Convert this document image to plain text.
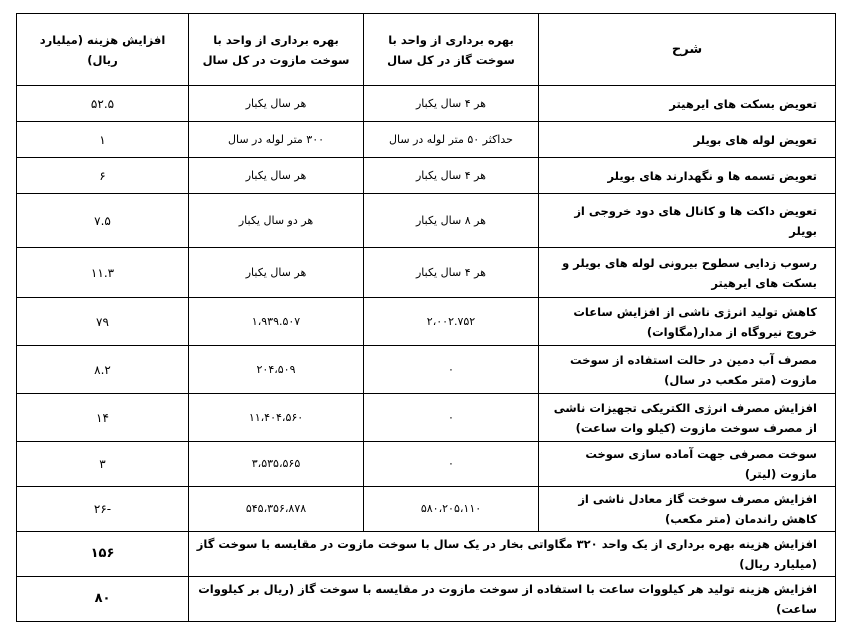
شرح	بهره برداری از واحد با سوخت گاز در کل سال	بهره برداری از واحد با سوخت مازوت در کل سال	افزایش هزینه (میلیارد ریال)
تعویض بسکت های ایرهیتر	هر ۴ سال یکبار	هر سال یکبار	۵۲.۵
تعویض لوله های بویلر	حداکثر ۵۰ متر لوله در سال	۳۰۰ متر لوله در سال	۱
تعویض تسمه ها و نگهدارند های بویلر	هر ۴ سال یکبار	هر سال یکبار	۶
تعویض داکت ها و کانال های دود خروجی از بویلر	هر ۸ سال یکبار	هر دو سال یکبار	۷.۵
رسوب زدایی سطوح بیرونی لوله های بویلر و بسکت های ایرهیتر	هر ۴ سال یکبار	هر سال یکبار	۱۱.۳
کاهش تولید انرژی ناشی از افزایش ساعات خروج نیروگاه از مدار(مگاوات)	۲،۰۰۲.۷۵۲	۱،۹۳۹.۵۰۷	۷۹
مصرف آب دمین در حالت استفاده از سوخت مازوت (متر مکعب در سال)	۰	۲۰۴،۵۰۹	۸.۲
افزایش مصرف انرژی الکتریکی تجهیزات ناشی از مصرف سوخت مازوت (کیلو وات ساعت)	۰	۱۱،۴۰۴،۵۶۰	۱۴
سوخت مصرفی جهت آماده سازی سوخت مازوت (لیتر)	۰	۳،۵۳۵،۵۶۵	۳
افزایش مصرف سوخت گاز معادل ناشی از کاهش راندمان (متر مکعب)	۵۸۰،۲۰۵،۱۱۰	۵۴۵،۳۵۶،۸۷۸	-۲۶
افزایش هزینه بهره برداری از یک واحد ۳۲۰ مگاواتی بخار در یک سال با سوخت مازوت در مقایسه با سوخت گاز (میلیارد ریال)			۱۵۶
افزایش هزینه تولید هر کیلووات ساعت با استفاده از سوخت مازوت در مقایسه با سوخت گاز (ریال بر کیلووات ساعت)			۸۰
